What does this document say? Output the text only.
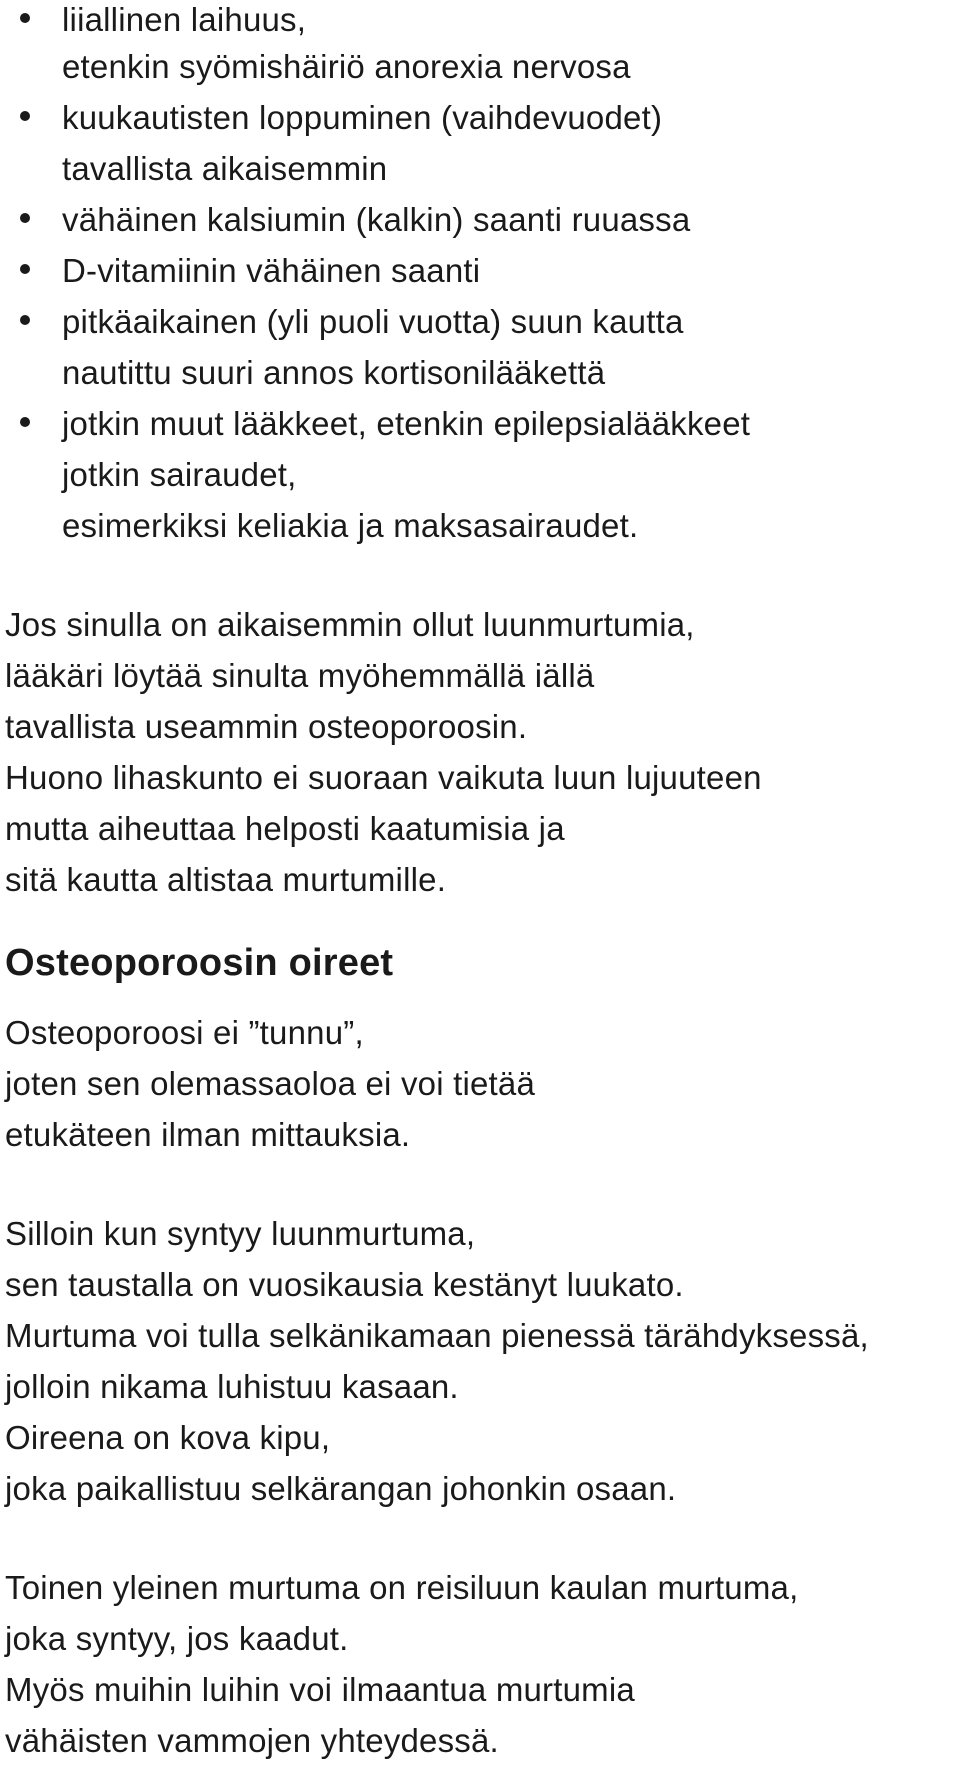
liiallinen laihuus,
etenkin syömishäiriö anorexia nervosa
kuukautisten loppuminen (vaihdevuodet)
tavallista aikaisemmin
vähäinen kalsiumin (kalkin) saanti ruuassa
D-vitamiinin vähäinen saanti
pitkäaikainen (yli puoli vuotta) suun kautta
nautittu suuri annos kortisonilääkettä
jotkin muut lääkkeet, etenkin epilepsialääkkeet
jotkin sairaudet,
esimerkiksi keliakia ja maksasairaudet.
Jos sinulla on aikaisemmin ollut luunmurtumia,
lääkäri löytää sinulta myöhemmällä iällä
tavallista useammin osteoporoosin.
Huono lihaskunto ei suoraan vaikuta luun lujuuteen
mutta aiheuttaa helposti kaatumisia ja
sitä kautta altistaa murtumille.
Osteoporoosin oireet
Osteoporoosi ei ”tunnu”,
joten sen olemassaoloa ei voi tietää
etukäteen ilman mittauksia.
Silloin kun syntyy luunmurtuma,
sen taustalla on vuosikausia kestänyt luukato.
Murtuma voi tulla selkänikamaan pienessä tärähdyksessä,
jolloin nikama luhistuu kasaan.
Oireena on kova kipu,
joka paikallistuu selkärangan johonkin osaan.
Toinen yleinen murtuma on reisiluun kaulan murtuma,
joka syntyy, jos kaadut.
Myös muihin luihin voi ilmaantua murtumia
vähäisten vammojen yhteydessä.
